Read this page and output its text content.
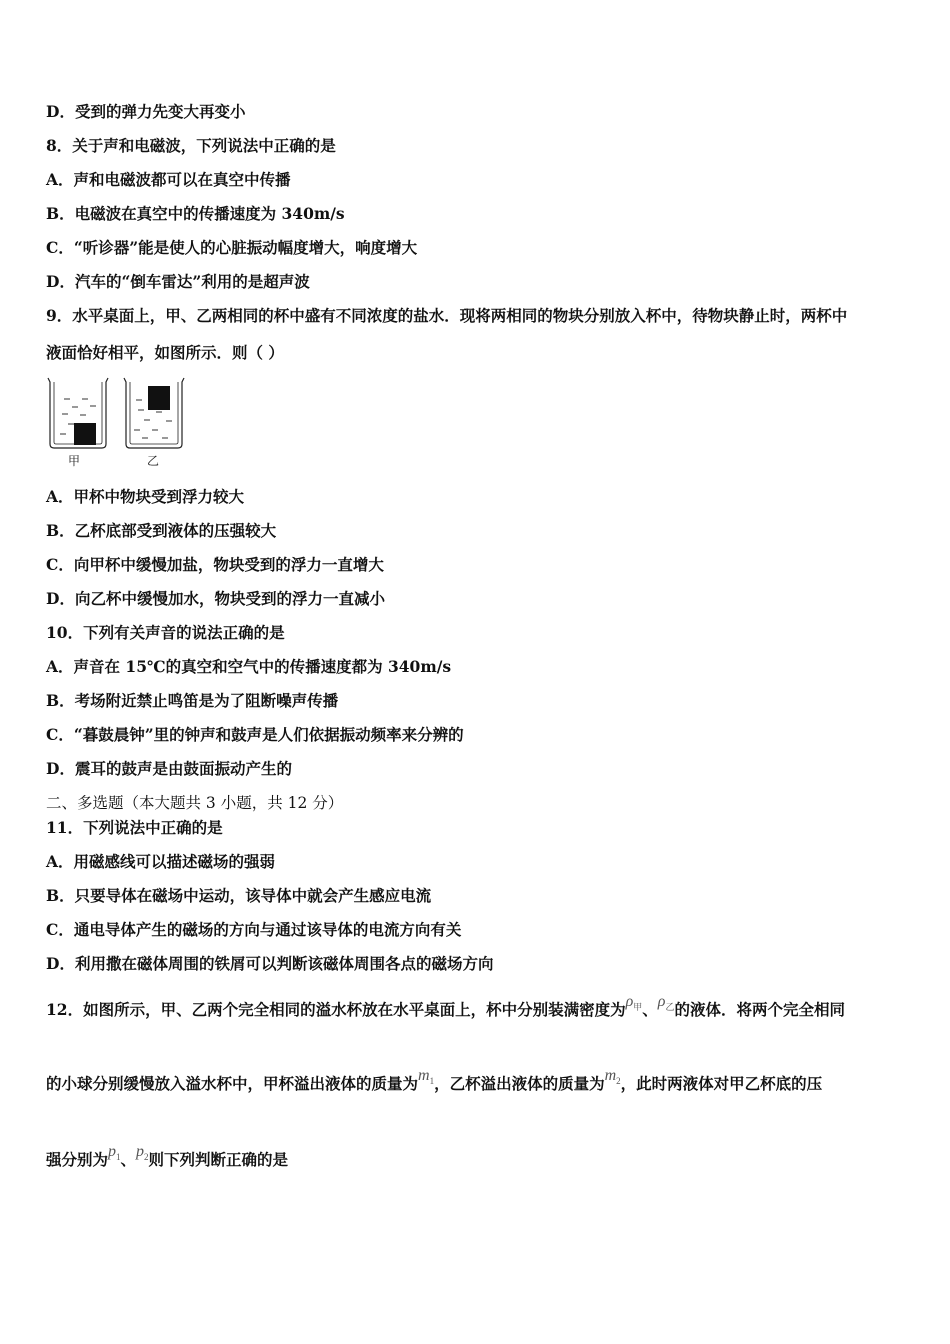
D．受到的弹力先变大再变小
8．关于声和电磁波，下列说法中正确的是
A．声和电磁波都可以在真空中传播
B．电磁波在真空中的传播速度为 340m/s
C．“听诊器”能是使人的心脏振动幅度增大，响度增大
D．汽车的“倒车雷达”利用的是超声波
9．水平桌面上，甲、乙两相同的杯中盛有不同浓度的盐水．现将两相同的物块分别放入杯中，待物块静止时，两杯中
液面恰好相平，如图所示．则（ ）
甲	乙
A．甲杯中物块受到浮力较大
B．乙杯底部受到液体的压强较大
C．向甲杯中缓慢加盐，物块受到的浮力一直增大
D．向乙杯中缓慢加水，物块受到的浮力一直减小
10．下列有关声音的说法正确的是
A．声音在 15℃的真空和空气中的传播速度都为 340m/s
B．考场附近禁止鸣笛是为了阻断噪声传播
C．“暮鼓晨钟”里的钟声和鼓声是人们依据振动频率来分辨的
D．震耳的鼓声是由鼓面振动产生的
二、多选题（本大题共 3 小题，共 12 分）
11．下列说法中正确的是
A．用磁感线可以描述磁场的强弱
B．只要导体在磁场中运动，该导体中就会产生感应电流
C．通电导体产生的磁场的方向与通过该导体的电流方向有关
D．利用撒在磁体周围的铁屑可以判断该磁体周围各点的磁场方向
12．如图所示，甲、乙两个完全相同的溢水杯放在水平桌面上，杯中分别装满密度为$\rho_甲$、$\rho_乙$的液体．将两个完全相同
的小球分别缓慢放入溢水杯中，甲杯溢出液体的质量为$m_1$，乙杯溢出液体的质量为$m_2$，此时两液体对甲乙杯底的压
强分别为$p_1$、$p_2$则下列判断正确的是
